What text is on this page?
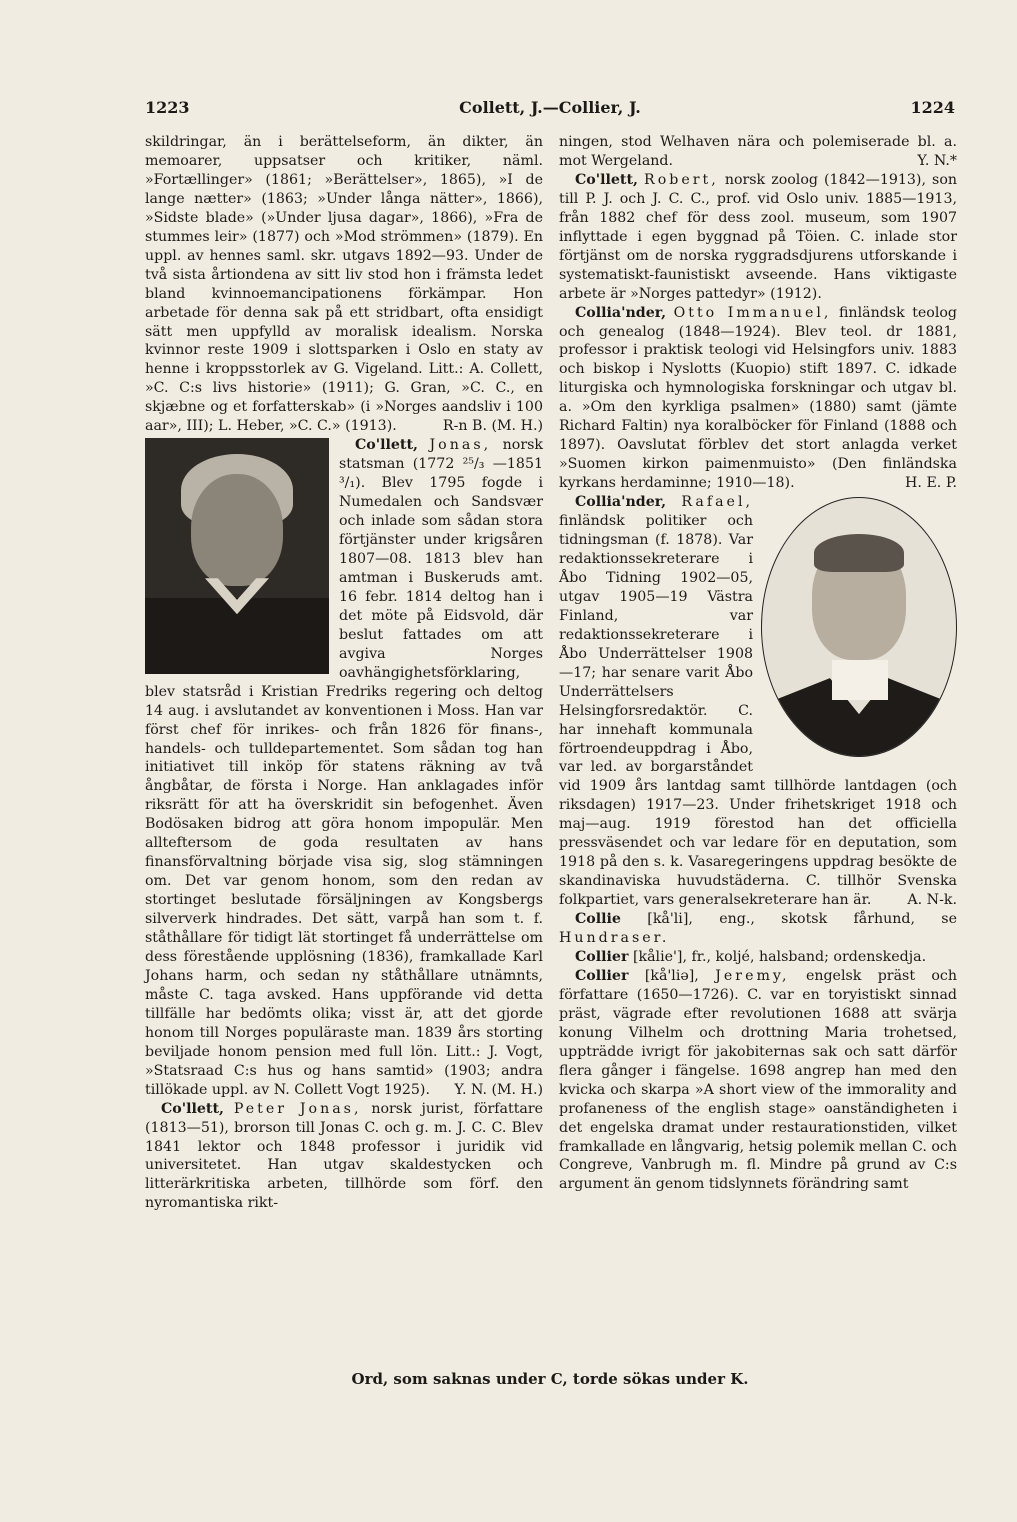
1223	Collett, J.—Collier, J.	1224

skildringar, än i berättelseform, än dikter, än memoarer, uppsatser och kritiker, näml. »Fortællinger» (1861; »Berättelser», 1865), »I de lange nætter» (1863; »Under långa nätter», 1866), »Sidste blade» (»Under ljusa dagar», 1866), »Fra de stummes leir» (1877) och »Mod strömmen» (1879). En uppl. av hennes saml. skr. utgavs 1892—93. Under de två sista årtiondena av sitt liv stod hon i främsta ledet bland kvinnoemancipationens förkämpar. Hon arbetade för denna sak på ett stridbart, ofta ensidigt sätt men uppfylld av moralisk idealism. Norska kvinnor reste 1909 i slottsparken i Oslo en staty av henne i kroppsstorlek av G. Vigeland. Litt.: A. Collett, »C. C:s livs historie» (1911); G. Gran, »C. C., en skjæbne og et forfatterskab» (i »Norges aandsliv i 100 aar», III); L. Heber, »C. C.» (1913).	R-n B. (M. H.)

Co'llett, Jonas, norsk statsman (1772 ²⁵/₃ —1851 ³/₁). Blev 1795 fogde i Numedalen och Sandsvær och inlade som sådan stora förtjänster under krigsåren 1807—08. 1813 blev han amtman i Buskeruds amt. 16 febr. 1814 deltog han i det möte på Eidsvold, där beslut fattades om att avgiva Norges oavhängighetsförklaring, blev statsråd i Kristian Fredriks regering och deltog 14 aug. i avslutandet av konventionen i Moss. Han var först chef för inrikes- och från 1826 för finans-, handels- och tulldepartementet. Som sådan tog han initiativet till inköp för statens räkning av två ångbåtar, de första i Norge. Han anklagades inför riksrätt för att ha överskridit sin befogenhet. Även Bodösaken bidrog att göra honom impopulär. Men allteftersom de goda resultaten av hans finansförvaltning började visa sig, slog stämningen om. Det var genom honom, som den redan av stortinget beslutade försäljningen av Kongsbergs silververk hindrades. Det sätt, varpå han som t. f. ståthållare för tidigt lät stortinget få underrättelse om dess förestående upplösning (1836), framkallade Karl Johans harm, och sedan ny ståthållare utnämnts, måste C. taga avsked. Hans uppförande vid detta tillfälle har bedömts olika; visst är, att det gjorde honom till Norges populäraste man. 1839 års storting beviljade honom pension med full lön. Litt.: J. Vogt, »Statsraad C:s hus og hans samtid» (1903; andra tillökade uppl. av N. Collett Vogt 1925).	Y. N. (M. H.)

Co'llett, Peter Jonas, norsk jurist, författare (1813—51), brorson till Jonas C. och g. m. J. C. C. Blev 1841 lektor och 1848 professor i juridik vid universitetet. Han utgav skaldestycken och litterärkritiska arbeten, tillhörde som förf. den nyromantiska rikt-

ningen, stod Welhaven nära och polemiserade bl. a. mot Wergeland.	Y. N.*

Co'llett, Robert, norsk zoolog (1842—1913), son till P. J. och J. C. C., prof. vid Oslo univ. 1885—1913, från 1882 chef för dess zool. museum, som 1907 inflyttade i egen byggnad på Töien. C. inlade stor förtjänst om de norska ryggradsdjurens utforskande i systematiskt-faunistiskt avseende. Hans viktigaste arbete är »Norges pattedyr» (1912).

Collia'nder, Otto Immanuel, finländsk teolog och genealog (1848—1924). Blev teol. dr 1881, professor i praktisk teologi vid Helsingfors univ. 1883 och biskop i Nyslotts (Kuopio) stift 1897. C. idkade liturgiska och hymnologiska forskningar och utgav bl. a. »Om den kyrkliga psalmen» (1880) samt (jämte Richard Faltin) nya koralböcker för Finland (1888 och 1897). Oavslutat förblev det stort anlagda verket »Suomen kirkon paimenmuisto» (Den finländska kyrkans herdaminne; 1910—18).	H. E. P.

Collia'nder, Rafael,
finländsk politiker och tidningsman (f. 1878). Var redaktionssekreterare i Åbo Tidning 1902—05, utgav 1905—19 Västra Finland, var redaktionssekreterare i Åbo Underrättelser 1908—17; har senare varit Åbo Underrättelsers Helsingforsredaktör. C. har innehaft kommunala förtroendeuppdrag i Åbo, var led. av borgarståndet vid 1909 års lantdag samt tillhörde lantdagen (och riksdagen) 1917—23. Under frihetskriget 1918 och maj—aug. 1919 förestod han det officiella pressväsendet och var ledare för en deputation, som 1918 på den s. k. Vasaregeringens uppdrag besökte de skandinaviska huvudstäderna. C. tillhör Svenska folkpartiet, vars generalsekreterare han är.	A. N-k.

Collie [kå'li], eng., skotsk fårhund, se Hundraser.

Collier [kålie'], fr., koljé, halsband; ordenskedja.

Collier [kå'liə], Jeremy, engelsk präst och författare (1650—1726). C. var en toryistiskt sinnad präst, vägrade efter revolutionen 1688 att svärja konung Vilhelm och drottning Maria trohetsed, uppträdde ivrigt för jakobiternas sak och satt därför flera gånger i fängelse. 1698 angrep han med den kvicka och skarpa »A short view of the immorality and profaneness of the english stage» oanständigheten i det engelska dramat under restaurationstiden, vilket framkallade en långvarig, hetsig polemik mellan C. och Congreve, Vanbrugh m. fl. Mindre på grund av C:s argument än genom tidslynnets förändring samt

Ord, som saknas under C, torde sökas under K.
